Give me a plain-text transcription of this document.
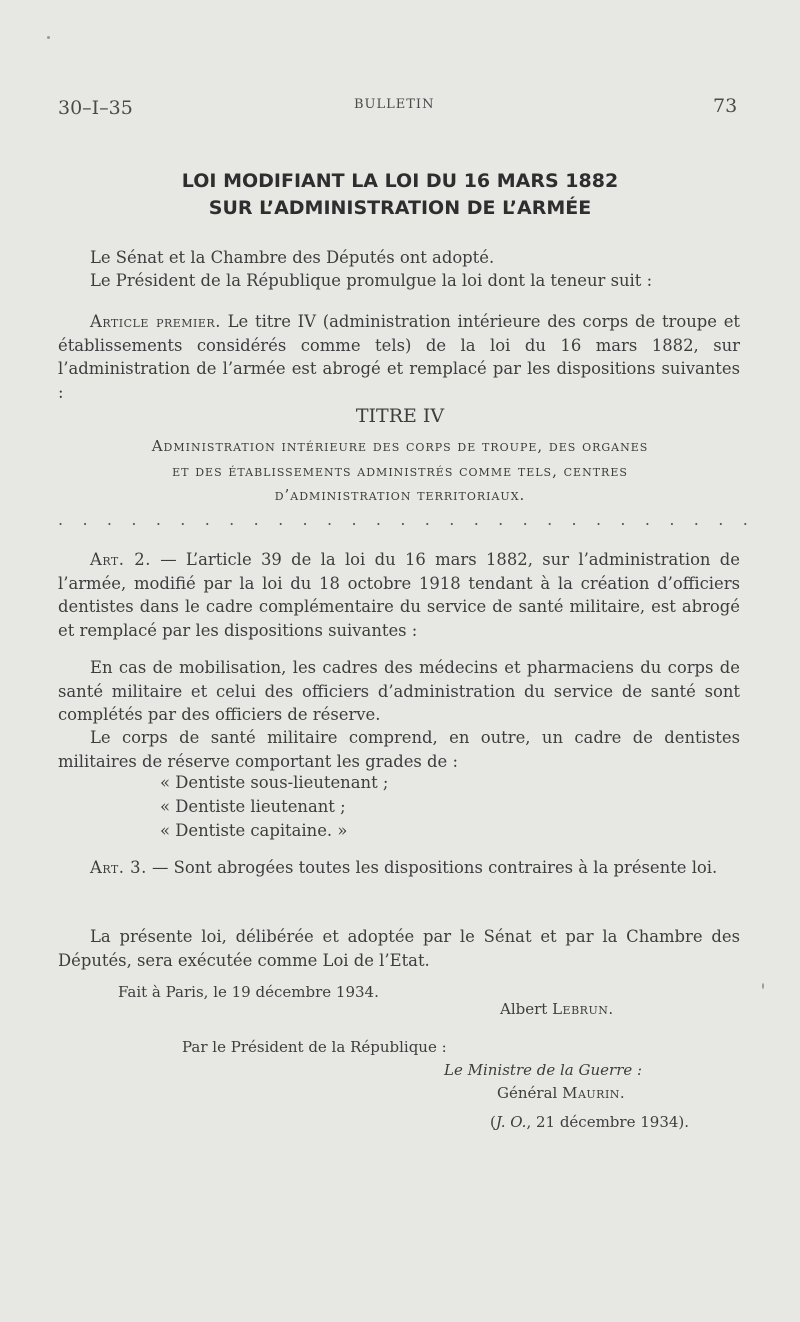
30–I–35	BULLETIN	73
LOI MODIFIANT LA LOI DU 16 MARS 1882
SUR L’ADMINISTRATION DE L’ARMÉE
Le Sénat et la Chambre des Députés ont adopté.
Le Président de la République promulgue la loi dont la teneur suit :
Article premier. Le titre IV (administration intérieure des corps de troupe et établissements considérés comme tels) de la loi du 16 mars 1882, sur l’administration de l’armée est abrogé et remplacé par les dispositions suivantes :
TITRE IV
Administration intérieure des corps de troupe, des organes
et des établissements administrés comme tels, centres
d’administration territoriaux.
. . . . . . . . . . . . . . . . . . . . . . . . . . . . .
Art. 2. — L’article 39 de la loi du 16 mars 1882, sur l’administration de l’armée, modifié par la loi du 18 octobre 1918 tendant à la création d’officiers dentistes dans le cadre complémentaire du service de santé militaire, est abrogé et remplacé par les dispositions suivantes :
En cas de mobilisation, les cadres des médecins et pharmaciens du corps de santé militaire et celui des officiers d’administration du service de santé sont complétés par des officiers de réserve.
Le corps de santé militaire comprend, en outre, un cadre de dentistes militaires de réserve comportant les grades de :
« Dentiste sous-lieutenant ;
« Dentiste lieutenant ;
« Dentiste capitaine. »
Art. 3. — Sont abrogées toutes les dispositions contraires à la présente loi.
La présente loi, délibérée et adoptée par le Sénat et par la Chambre des Députés, sera exécutée comme Loi de l’Etat.
Fait à Paris, le 19 décembre 1934.
Albert Lebrun.
Par le Président de la République :
Le Ministre de la Guerre :
Général Maurin.
(J. O., 21 décembre 1934).
